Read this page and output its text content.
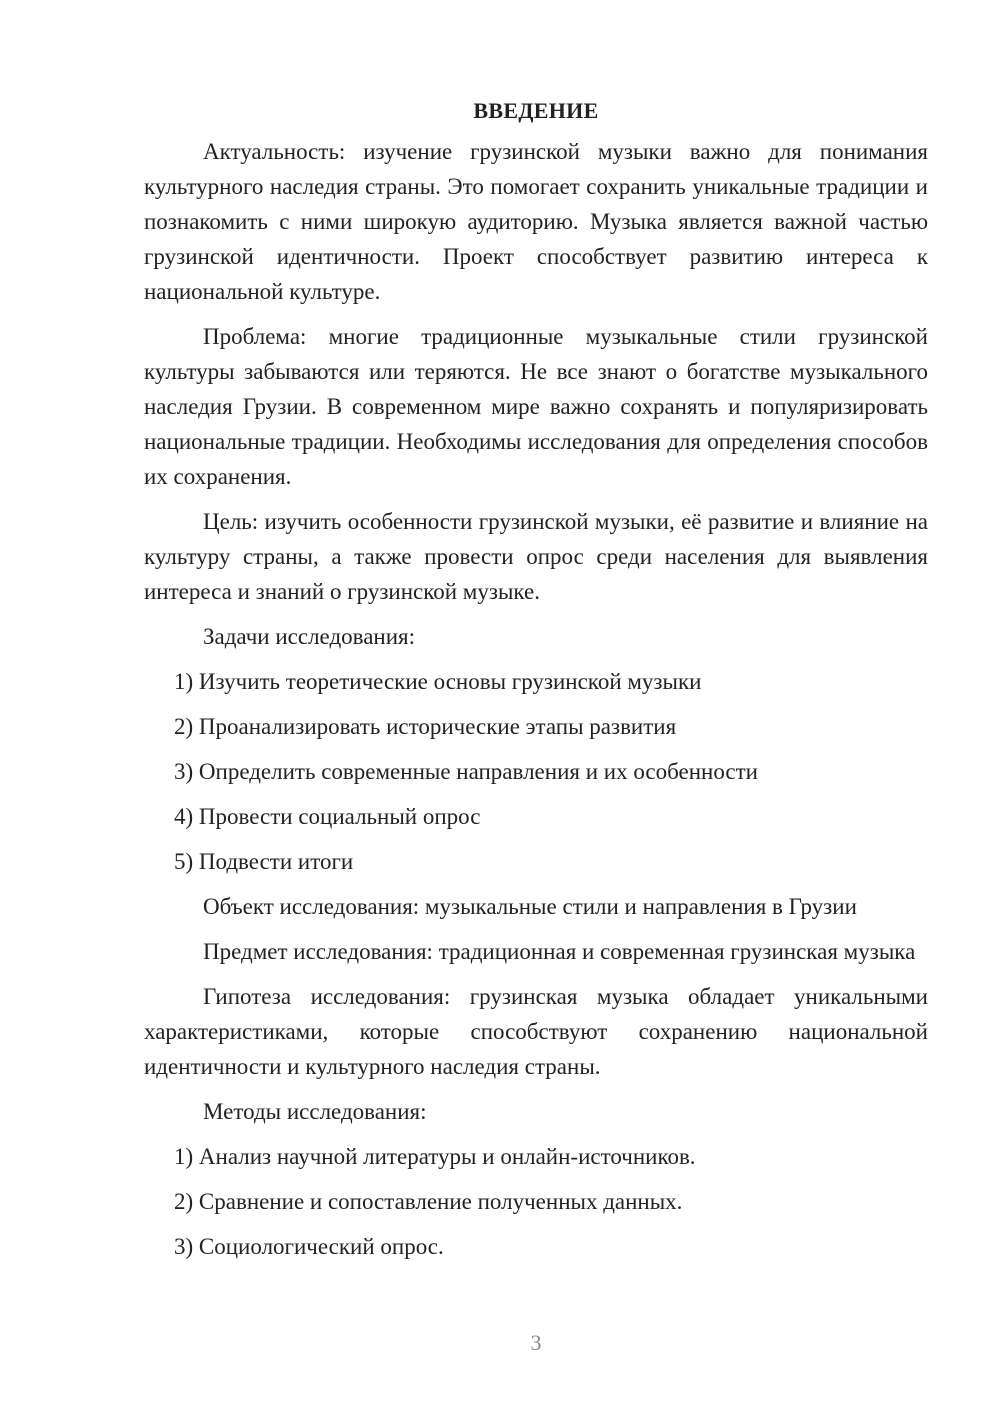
ВВЕДЕНИЕ

Актуальность: изучение грузинской музыки важно для понимания культурного наследия страны. Это помогает сохранить уникальные традиции и познакомить с ними широкую аудиторию. Музыка является важной частью грузинской идентичности. Проект способствует развитию интереса к национальной культуре.

Проблема: многие традиционные музыкальные стили грузинской культуры забываются или теряются. Не все знают о богатстве музыкального наследия Грузии. В современном мире важно сохранять и популяризировать национальные традиции. Необходимы исследования для определения способов их сохранения.

Цель: изучить особенности грузинской музыки, её развитие и влияние на культуру страны, а также провести опрос среди населения для выявления интереса и знаний о грузинской музыке.

Задачи исследования:

1) Изучить теоретические основы грузинской музыки
2) Проанализировать исторические этапы развития
3) Определить современные направления и их особенности
4) Провести социальный опрос
5) Подвести итоги

Объект исследования: музыкальные стили и направления в Грузии

Предмет исследования: традиционная и современная грузинская музыка

Гипотеза исследования: грузинская музыка обладает уникальными характеристиками, которые способствуют сохранению национальной идентичности и культурного наследия страны.

Методы исследования:

1) Анализ научной литературы и онлайн-источников.
2) Сравнение и сопоставление полученных данных.
3) Социологический опрос.
3
